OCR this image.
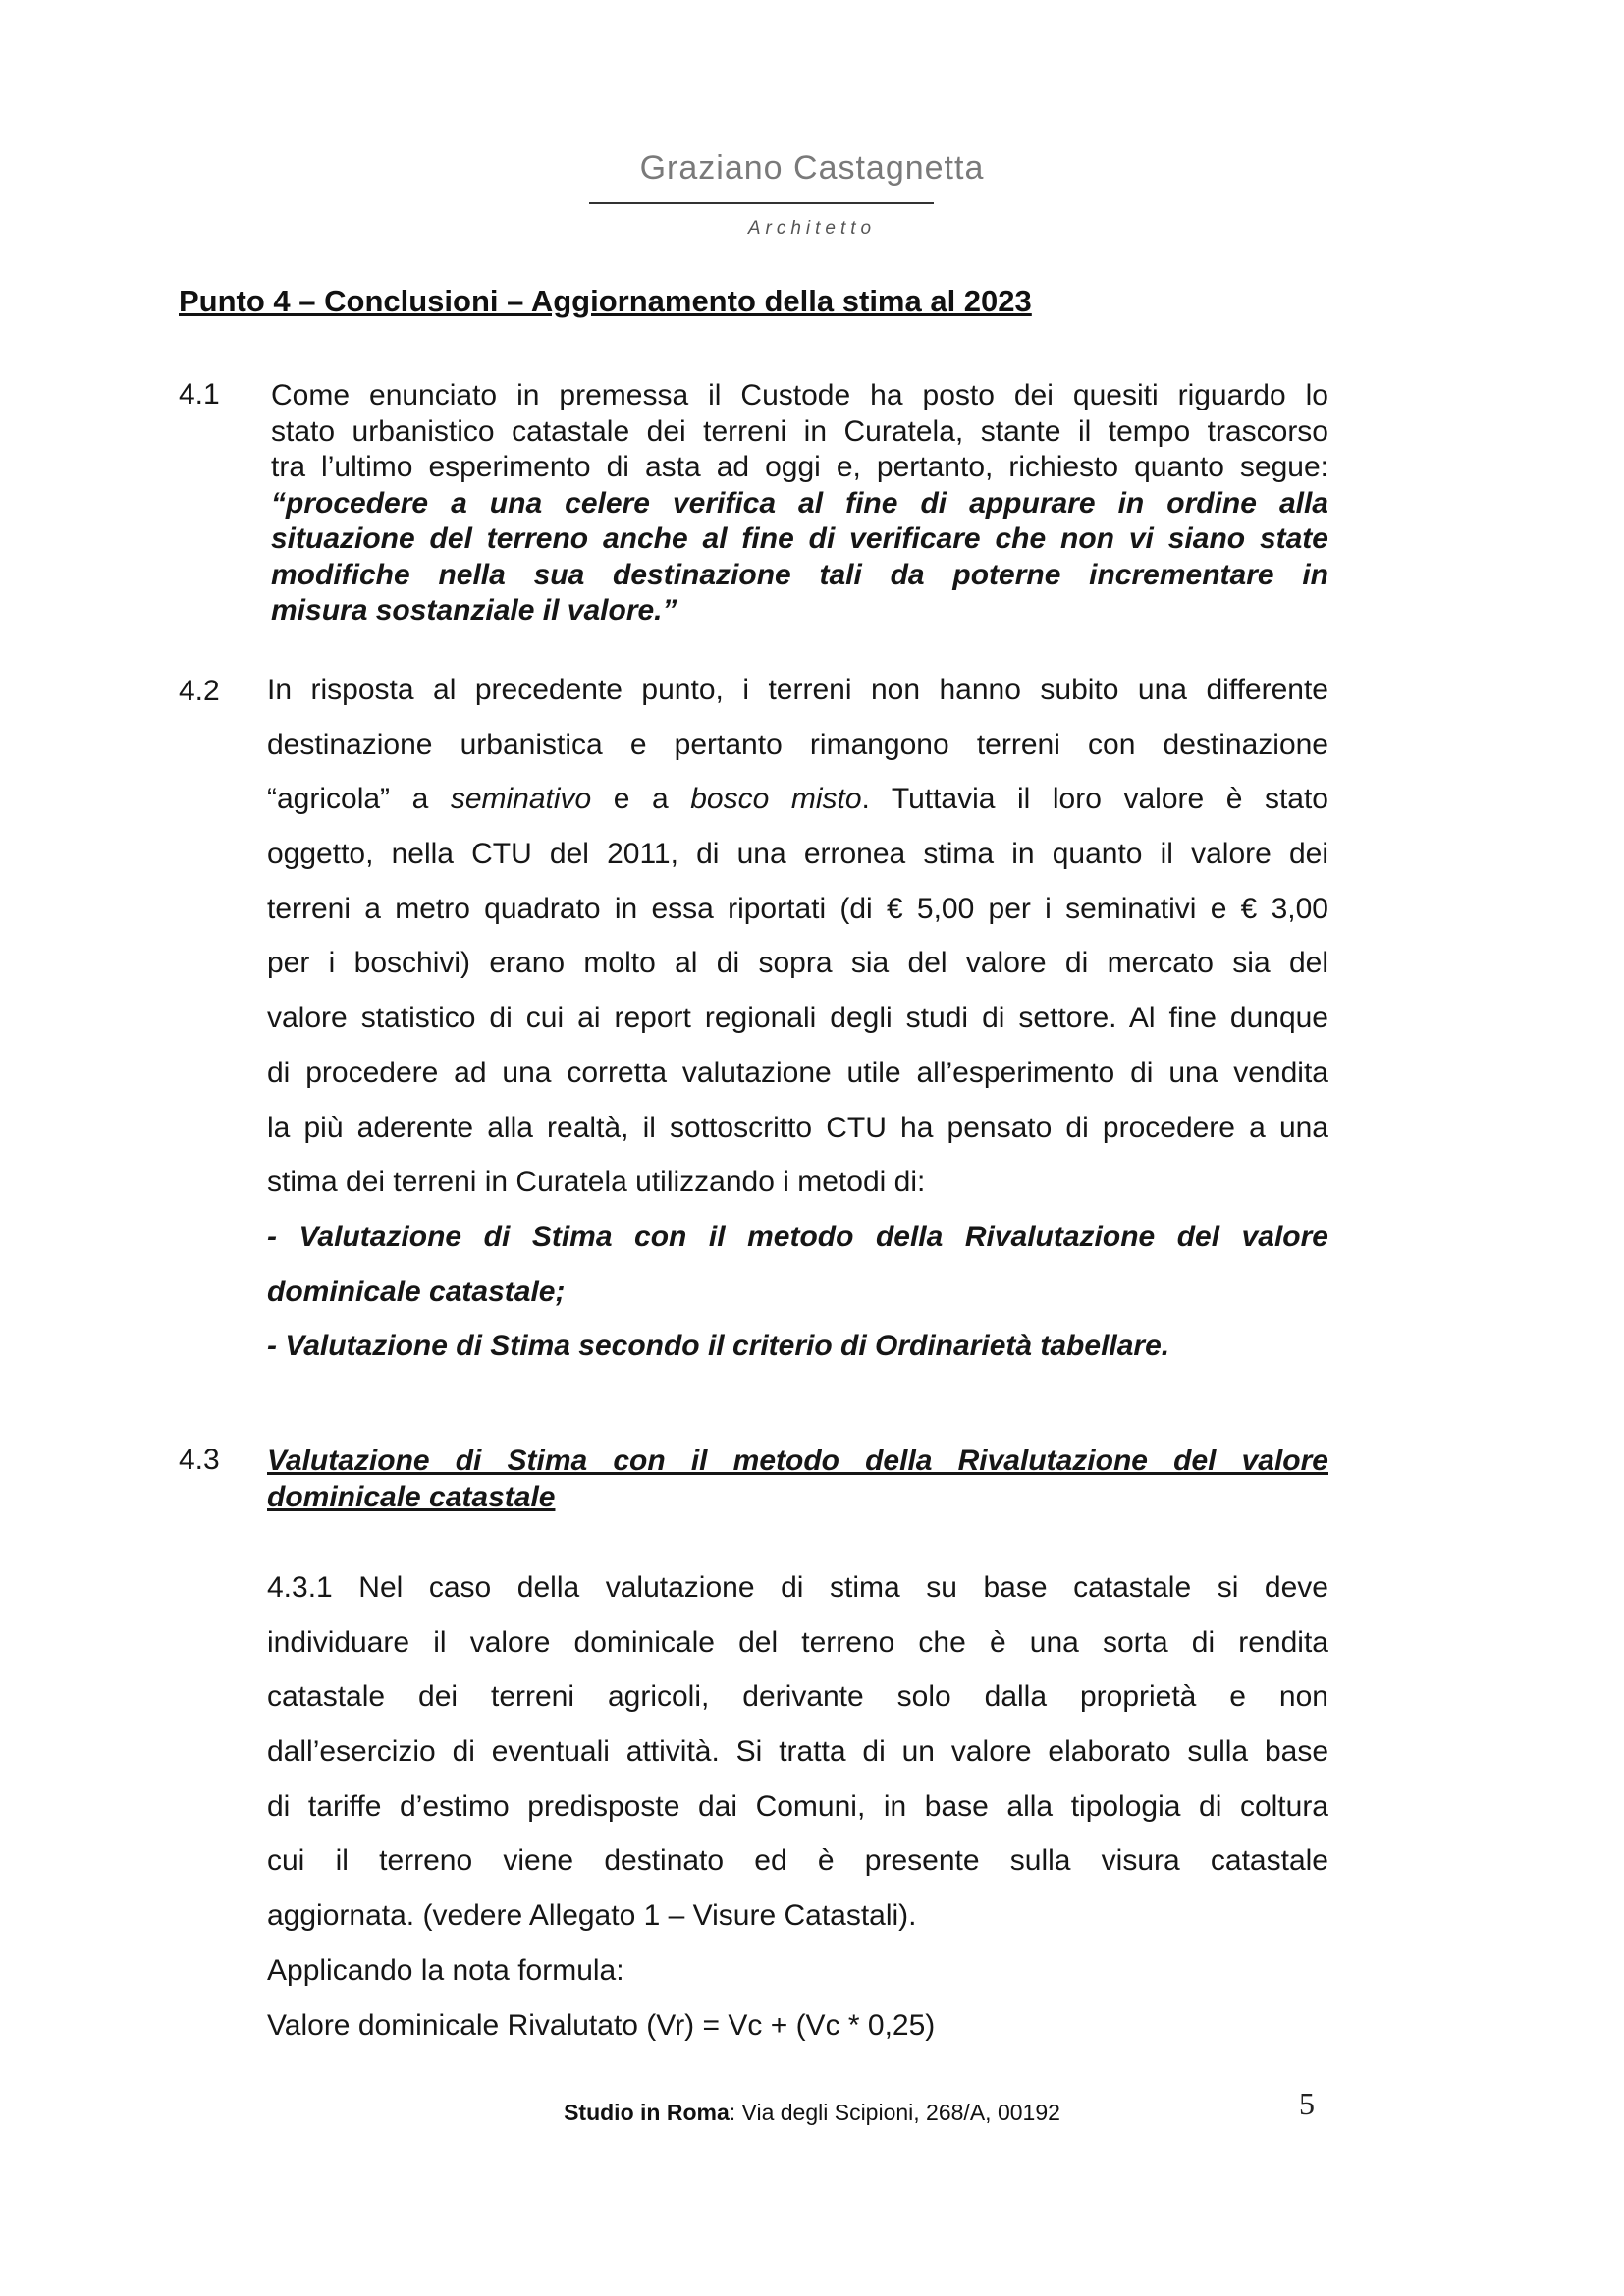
Graziano Castagnetta
Architetto
Punto 4 – Conclusioni – Aggiornamento della stima al 2023
4.1 Come enunciato in premessa il Custode ha posto dei quesiti riguardo lo
stato urbanistico catastale dei terreni in Curatela, stante il tempo trascorso
tra l’ultimo esperimento di asta ad oggi e, pertanto, richiesto quanto segue:
“procedere a una celere verifica al fine di appurare in ordine alla
situazione del terreno anche al fine di verificare che non vi siano state
modifiche nella sua destinazione tali da poterne incrementare in
misura sostanziale il valore.”
4.2 In risposta al precedente punto, i terreni non hanno subito una differente
destinazione urbanistica e pertanto rimangono terreni con destinazione
“agricola” a seminativo e a bosco misto. Tuttavia il loro valore è stato
oggetto, nella CTU del 2011, di una erronea stima in quanto il valore dei
terreni a metro quadrato in essa riportati (di € 5,00 per i seminativi e € 3,00
per i boschivi) erano molto al di sopra sia del valore di mercato sia del
valore statistico di cui ai report regionali degli studi di settore. Al fine dunque
di procedere ad una corretta valutazione utile all’esperimento di una vendita
la più aderente alla realtà, il sottoscritto CTU ha pensato di procedere a una
stima dei terreni in Curatela utilizzando i metodi di:
- Valutazione di Stima con il metodo della Rivalutazione del valore
dominicale catastale;
- Valutazione di Stima secondo il criterio di Ordinarietà tabellare.
4.3 Valutazione di Stima con il metodo della Rivalutazione del valore
dominicale catastale
4.3.1 Nel caso della valutazione di stima su base catastale si deve
individuare il valore dominicale del terreno che è una sorta di rendita
catastale dei terreni agricoli, derivante solo dalla proprietà e non
dall’esercizio di eventuali attività. Si tratta di un valore elaborato sulla base
di tariffe d’estimo predisposte dai Comuni, in base alla tipologia di coltura
cui il terreno viene destinato ed è presente sulla visura catastale
aggiornata. (vedere Allegato 1 – Visure Catastali).
Applicando la nota formula:
Valore dominicale Rivalutato (Vr) = Vc + (Vc * 0,25)
Studio in Roma: Via degli Scipioni, 268/A, 00192	5
